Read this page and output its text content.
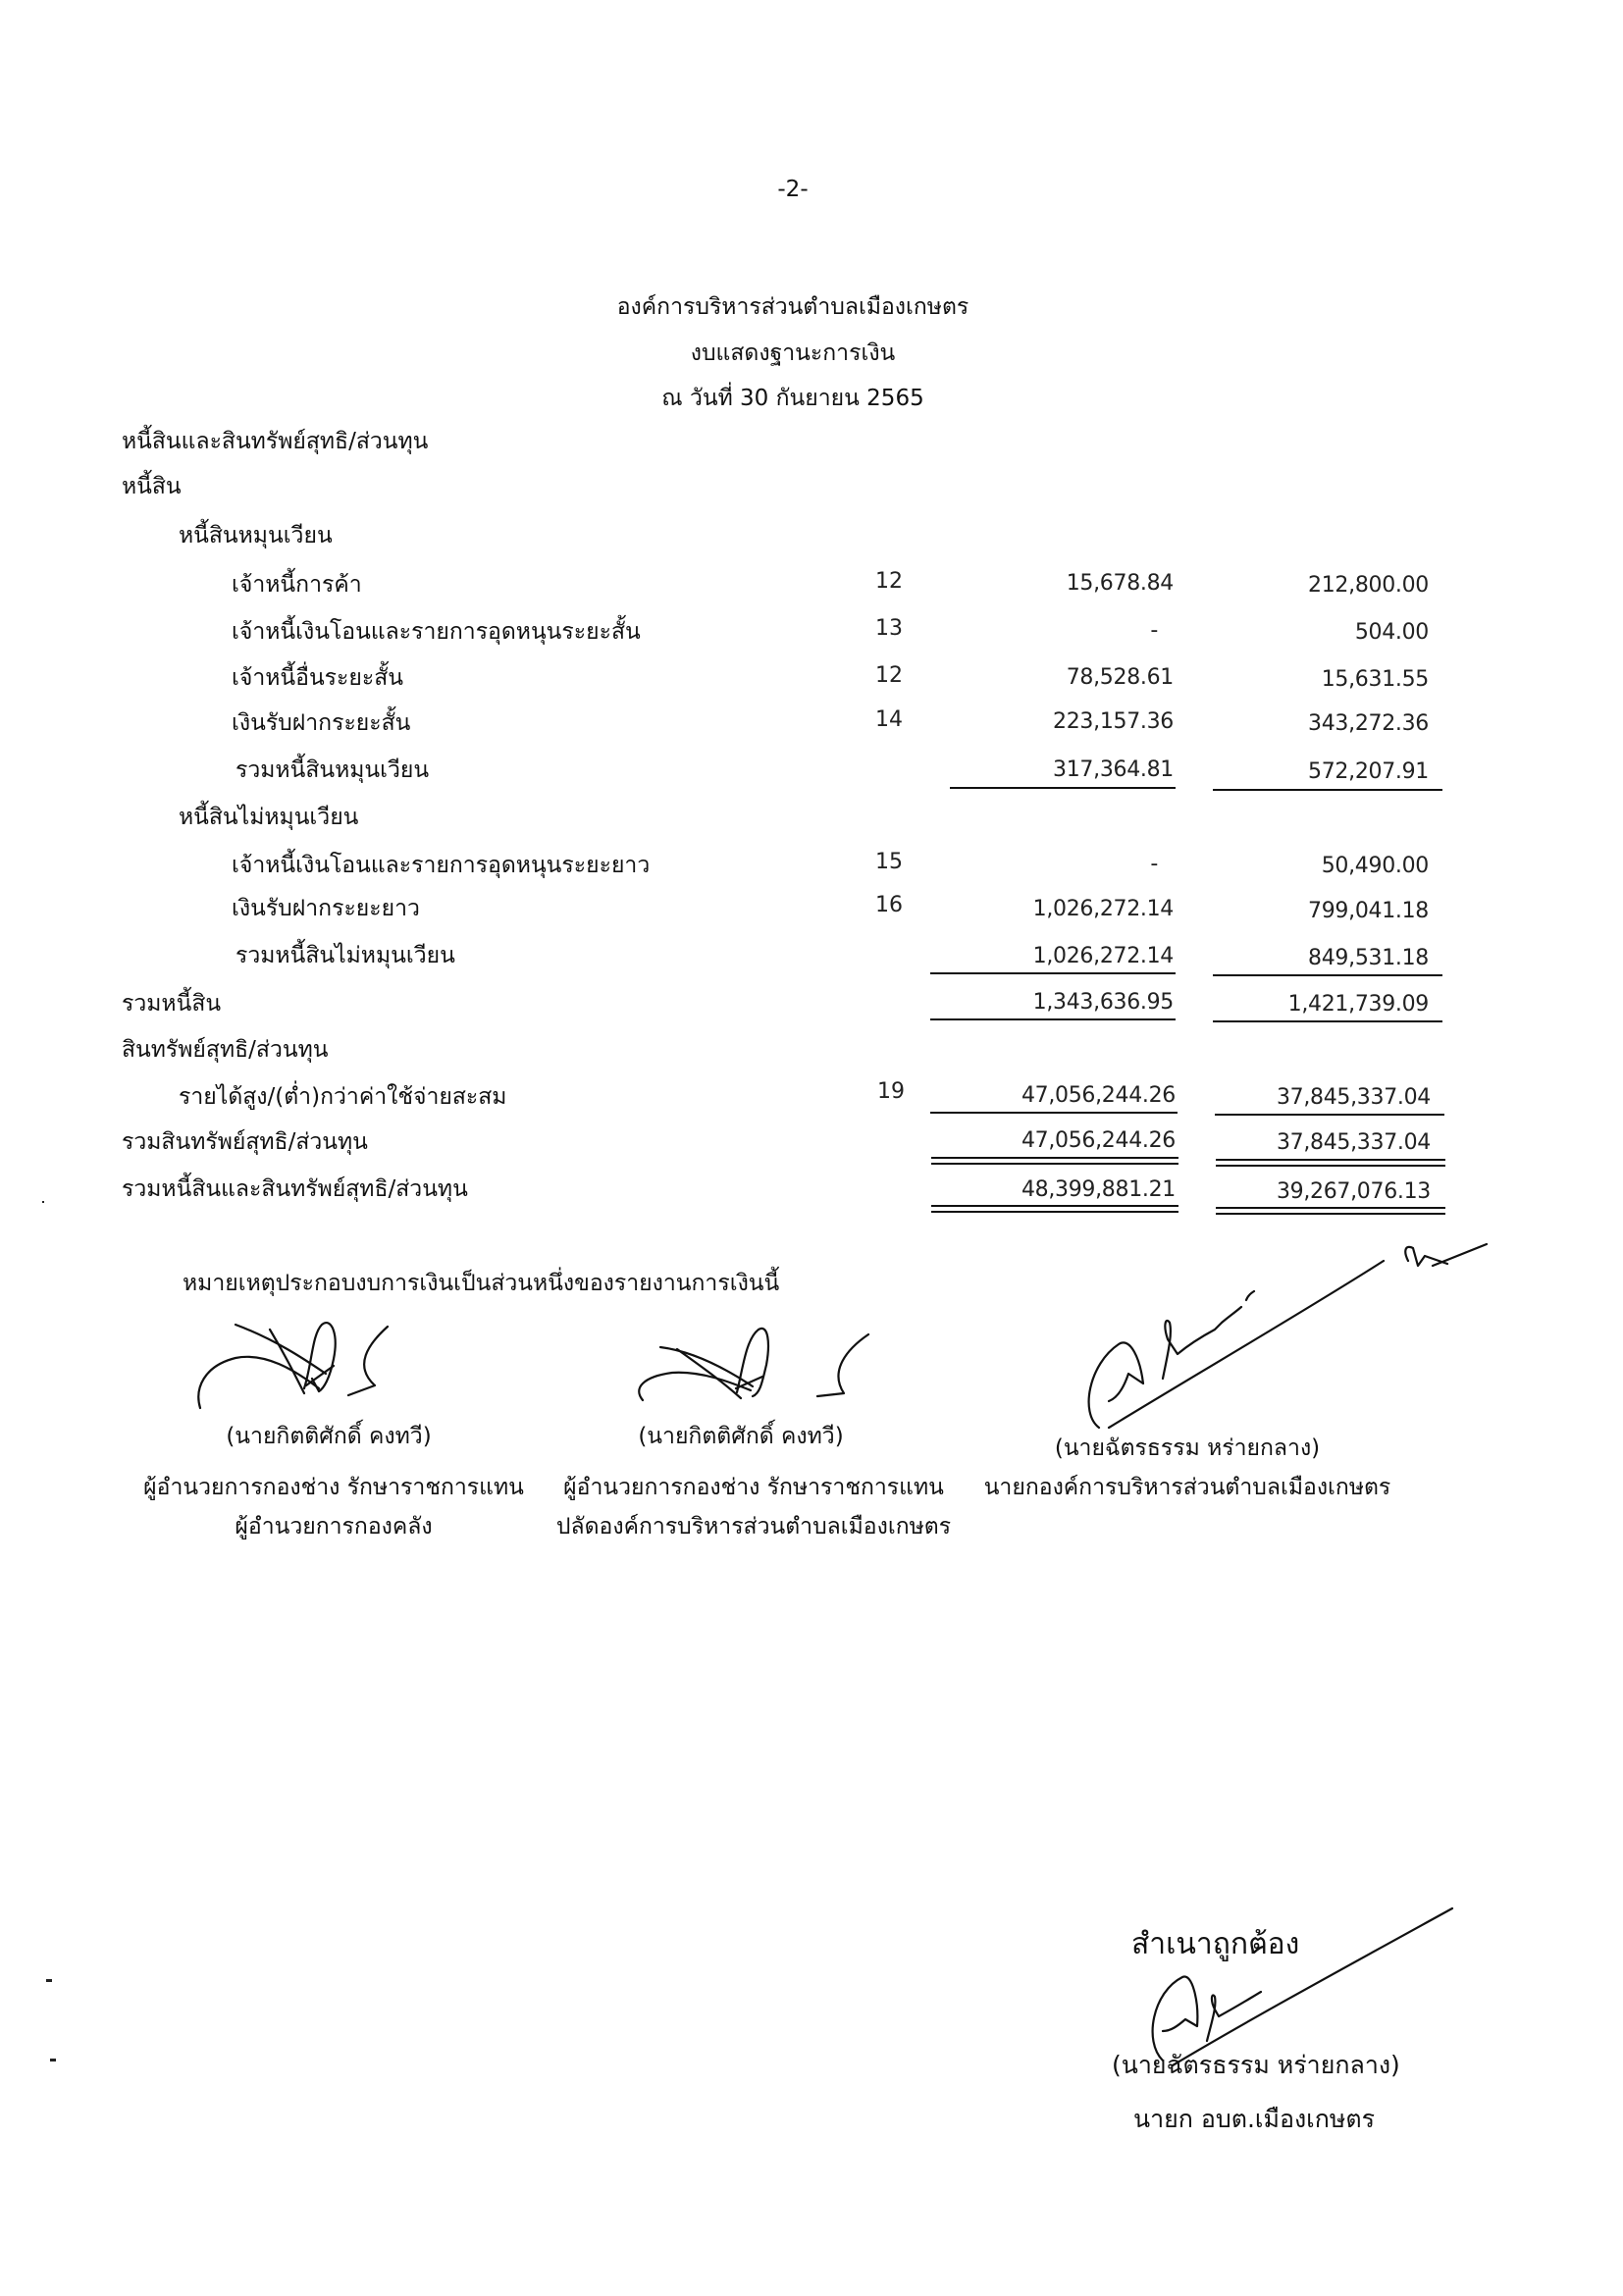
-2-
องค์การบริหารส่วนตำบลเมืองเกษตร
งบแสดงฐานะการเงิน
ณ วันที่ 30 กันยายน 2565
หนี้สินและสินทรัพย์สุทธิ/ส่วนทุน
หนี้สิน
หนี้สินหมุนเวียน
เจ้าหนี้การค้า	12	15,678.84	212,800.00
เจ้าหนี้เงินโอนและรายการอุดหนุนระยะสั้น	13	-	504.00
เจ้าหนี้อื่นระยะสั้น	12	78,528.61	15,631.55
เงินรับฝากระยะสั้น	14	223,157.36	343,272.36
รวมหนี้สินหมุนเวียน	317,364.81	572,207.91
หนี้สินไม่หมุนเวียน
เจ้าหนี้เงินโอนและรายการอุดหนุนระยะยาว	15	-	50,490.00
เงินรับฝากระยะยาว	16	1,026,272.14	799,041.18
รวมหนี้สินไม่หมุนเวียน	1,026,272.14	849,531.18
รวมหนี้สิน	1,343,636.95	1,421,739.09
สินทรัพย์สุทธิ/ส่วนทุน
รายได้สูง/(ต่ำ)กว่าค่าใช้จ่ายสะสม	19	47,056,244.26	37,845,337.04
รวมสินทรัพย์สุทธิ/ส่วนทุน	47,056,244.26	37,845,337.04
รวมหนี้สินและสินทรัพย์สุทธิ/ส่วนทุน	48,399,881.21	39,267,076.13
หมายเหตุประกอบงบการเงินเป็นส่วนหนึ่งของรายงานการเงินนี้
(นายกิตติศักดิ์ คงทวี)
ผู้อำนวยการกองช่าง รักษาราชการแทน
ผู้อำนวยการกองคลัง
(นายกิตติศักดิ์ คงทวี)
ผู้อำนวยการกองช่าง รักษาราชการแทน
ปลัดองค์การบริหารส่วนตำบลเมืองเกษตร
(นายฉัตรธรรม หร่ายกลาง)
นายกองค์การบริหารส่วนตำบลเมืองเกษตร
สำเนาถูกต้อง
(นายฉัตรธรรม หร่ายกลาง)
นายก อบต.เมืองเกษตร
